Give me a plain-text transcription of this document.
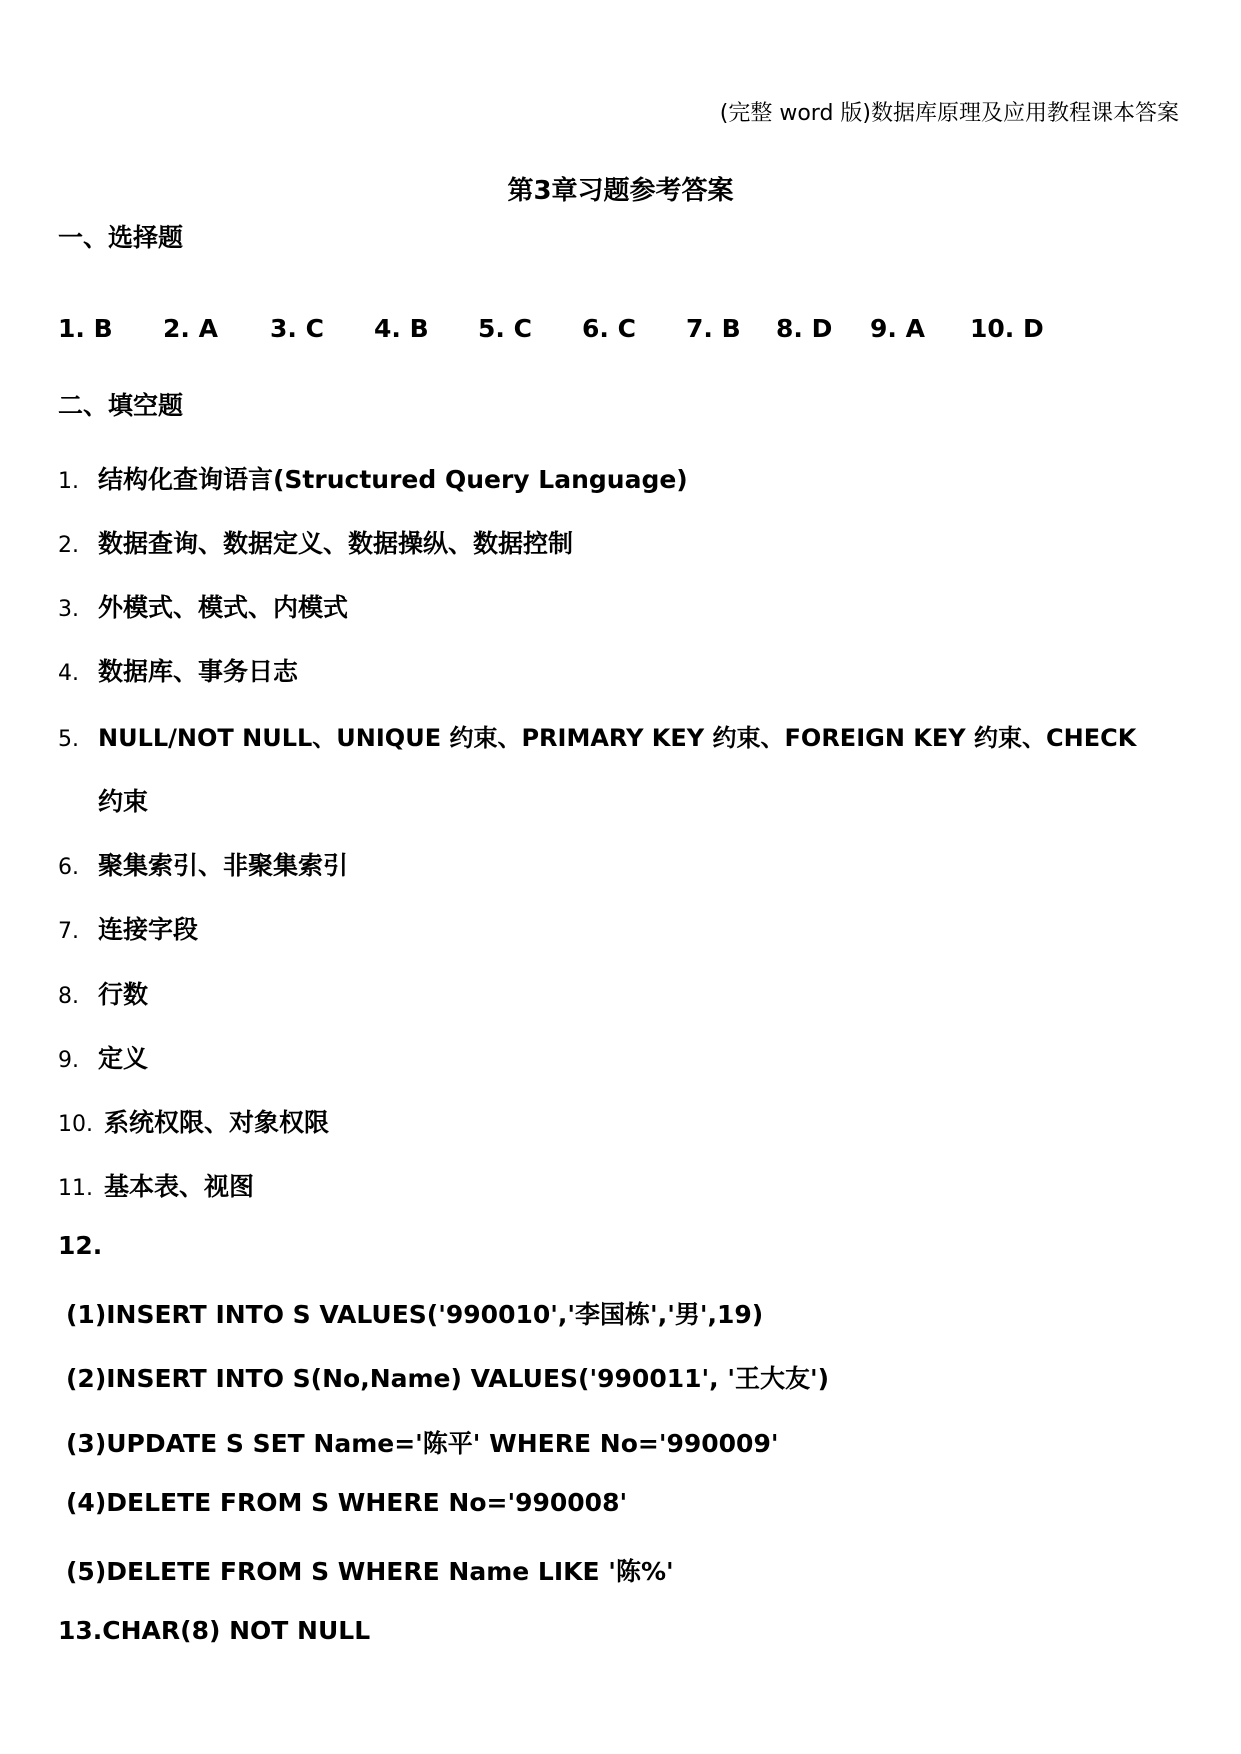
(完整 word 版)数据库原理及应用教程课本答案
第3章习题参考答案
一、选择题
1. B 2. A 3. C 4. B 5. C 6. C 7. B 8. D 9. A 10. D
二、填空题
1. 结构化查询语言(Structured Query Language)
2. 数据查询、数据定义、数据操纵、数据控制
3. 外模式、模式、内模式
4. 数据库、事务日志
5. NULL/NOT NULL、UNIQUE 约束、PRIMARY KEY 约束、FOREIGN KEY 约束、CHECK
约束
6. 聚集索引、非聚集索引
7. 连接字段
8. 行数
9. 定义
10. 系统权限、对象权限
11. 基本表、视图
12.
(1)INSERT INTO S VALUES('990010','李国栋','男',19)
(2)INSERT INTO S(No,Name) VALUES('990011', '王大友')
(3)UPDATE S SET Name='陈平' WHERE No='990009'
(4)DELETE FROM S WHERE No='990008'
(5)DELETE FROM S WHERE Name LIKE '陈%'
13.CHAR(8) NOT NULL
